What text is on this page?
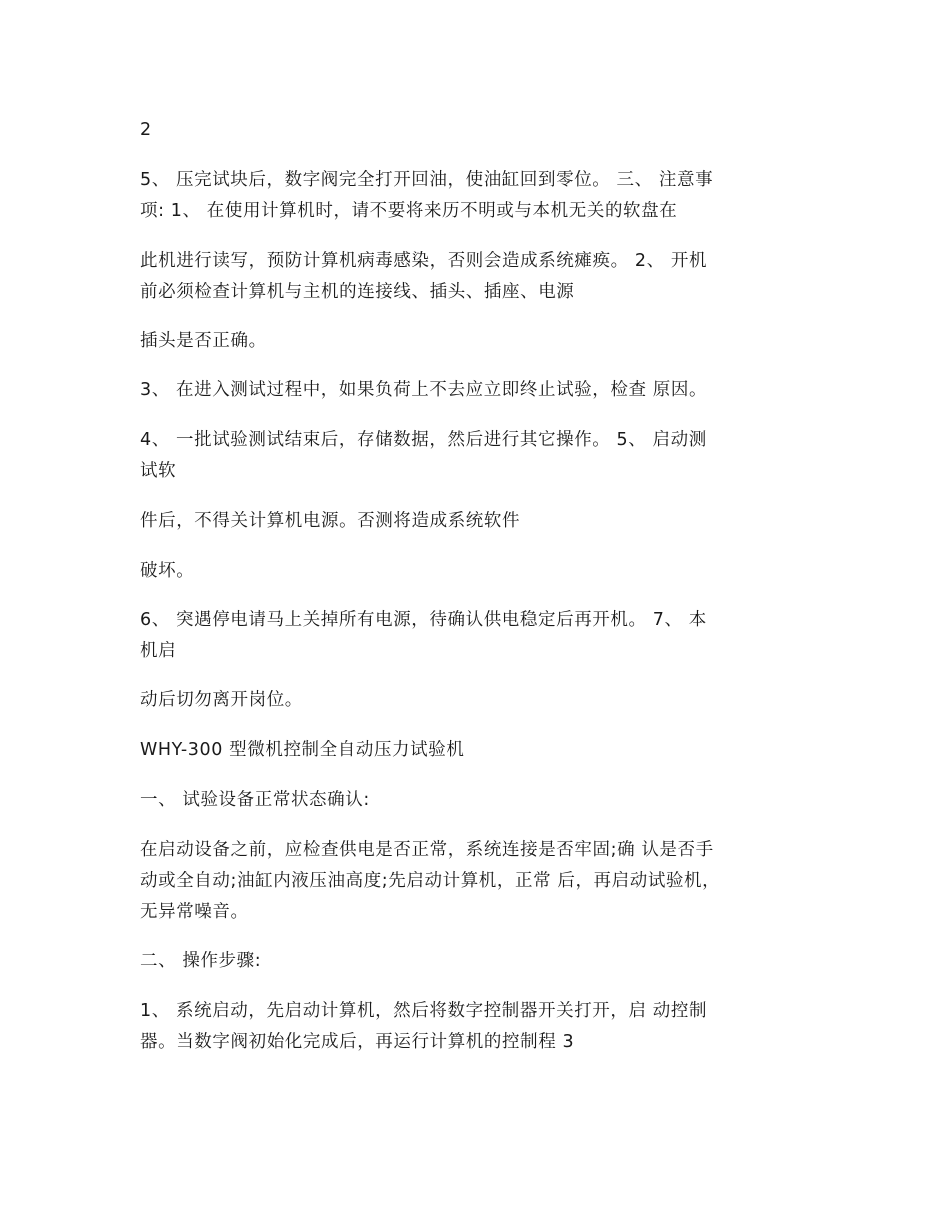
2

5、 压完试块后，数字阀完全打开回油，使油缸回到零位。 三、 注意事

项: 1、 在使用计算机时，请不要将来历不明或与本机无关的软盘在

此机进行读写，预防计算机病毒感染，否则会造成系统瘫痪。 2、 开机

前必须检查计算机与主机的连接线、插头、插座、电源

插头是否正确。

3、 在进入测试过程中，如果负荷上不去应立即终止试验，检查 原因。

4、 一批试验测试结束后，存储数据，然后进行其它操作。 5、 启动测

试软

件后，不得关计算机电源。否测将造成系统软件

破坏。

6、 突遇停电请马上关掉所有电源，待确认供电稳定后再开机。 7、 本

机启

动后切勿离开岗位。

WHY-300 型微机控制全自动压力试验机

一、 试验设备正常状态确认:

在启动设备之前，应检查供电是否正常，系统连接是否牢固;确 认是否手

动或全自动;油缸内液压油高度;先启动计算机，正常 后，再启动试验机，

无异常噪音。

二、 操作步骤:

1、 系统启动，先启动计算机，然后将数字控制器开关打开，启 动控制

器。当数字阀初始化完成后，再运行计算机的控制程 3
